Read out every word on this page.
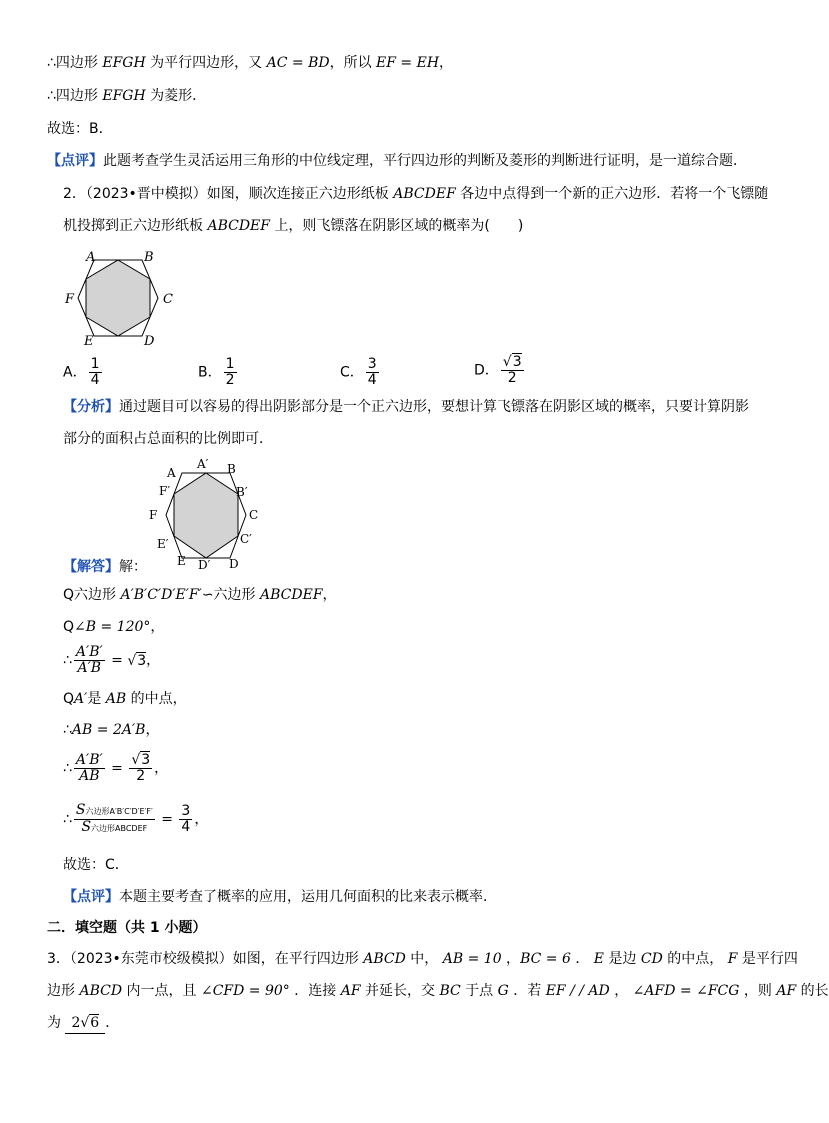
∴四边形 EFGH 为平行四边形，又 AC = BD，所以 EF = EH，
∴四边形 EFGH 为菱形．
故选：B．
【点评】此题考查学生灵活运用三角形的中位线定理，平行四边形的判断及菱形的判断进行证明，是一道综合题．
2．（2023•晋中模拟）如图，顺次连接正六边形纸板 ABCDEF 各边中点得到一个新的正六边形．若将一个飞镖随
机投掷到正六边形纸板 ABCDEF 上，则飞镖落在阴影区域的概率为(　　)
A	B
C
D
E
F
A． $\frac{1}{4}$	B． $\frac{1}{2}$	C． $\frac{3}{4}$	D． $\frac{√3}{2}$
【分析】通过题目可以容易的得出阴影部分是一个正六边形，要想计算飞镖落在阴影区域的概率，只要计算阴影
部分的面积占总面积的比例即可．
A
A′ B
B′
C
C′
D
D′
E
E′
F
F′
【解答】解：
Q六边形 A′B′C′D′E′F′∽六边形 ABCDEF，
Q∠B = 120°，
∴ $\frac{A'B'}{A'B} = √3$，
QA′是 AB 的中点，
∴AB = 2A′B，
∴ $\frac{A'B'}{AB} = \frac{√3}{2}$ ，
∴ $\frac{\text{S六边形A′B′C′D′E′F′}}{\text{S六边形ABCDEF}} = \frac{3}{4}$ ，
故选：C．
【点评】本题主要考查了概率的应用，运用几何面积的比来表示概率．
二．填空题（共 1 小题）
3．（2023•东莞市校级模拟）如图，在平行四边形 ABCD 中， AB = 10 ，BC = 6 ． E 是边 CD 的中点， F 是平行四
边形 ABCD 内一点，且 ∠CFD = 90° ．连接 AF 并延长，交 BC 于点 G ．若 EF / / AD ， ∠AFD = ∠FCG ，则 AF 的长
为 2√6 ．
